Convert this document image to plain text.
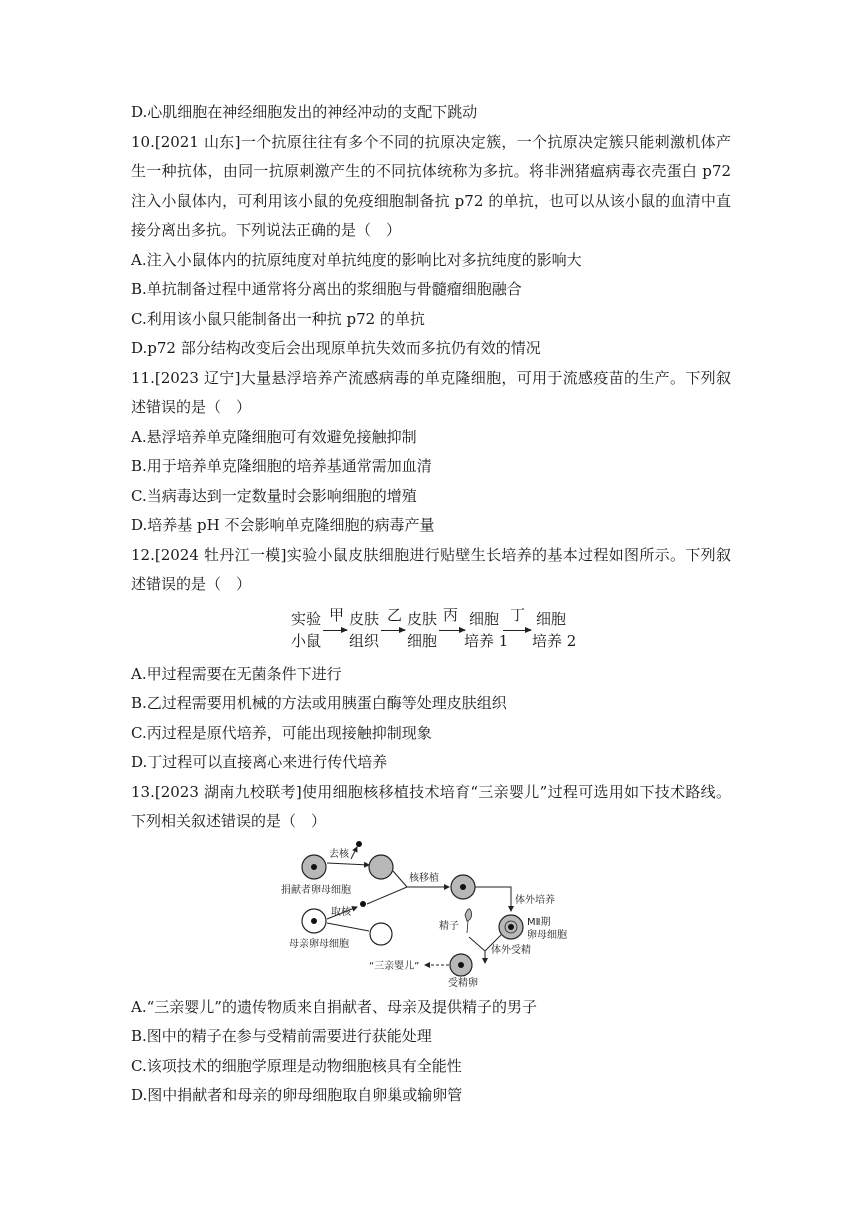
D.心肌细胞在神经细胞发出的神经冲动的支配下跳动
10.[2021 山东]一个抗原往往有多个不同的抗原决定簇，一个抗原决定簇只能刺激机体产生一种抗体，由同一抗原刺激产生的不同抗体统称为多抗。将非洲猪瘟病毒衣壳蛋白 p72 注入小鼠体内，可利用该小鼠的免疫细胞制备抗 p72 的单抗，也可以从该小鼠的血清中直接分离出多抗。下列说法正确的是（　）
A.注入小鼠体内的抗原纯度对单抗纯度的影响比对多抗纯度的影响大
B.单抗制备过程中通常将分离出的浆细胞与骨髓瘤细胞融合
C.利用该小鼠只能制备出一种抗 p72 的单抗
D.p72 部分结构改变后会出现原单抗失效而多抗仍有效的情况
11.[2023 辽宁]大量悬浮培养产流感病毒的单克隆细胞，可用于流感疫苗的生产。下列叙述错误的是（　）
A.悬浮培养单克隆细胞可有效避免接触抑制
B.用于培养单克隆细胞的培养基通常需加血清
C.当病毒达到一定数量时会影响细胞的增殖
D.培养基 pH 不会影响单克隆细胞的病毒产量
12.[2024 牡丹江一模]实验小鼠皮肤细胞进行贴壁生长培养的基本过程如图所示。下列叙述错误的是（　）
实验
小鼠
甲 皮肤
组织
乙 皮肤
细胞
丙 细胞
培养 1
丁 细胞
培养 2
A.甲过程需要在无菌条件下进行
B.乙过程需要用机械的方法或用胰蛋白酶等处理皮肤组织
C.丙过程是原代培养，可能出现接触抑制现象
D.丁过程可以直接离心来进行传代培养
13.[2023 湖南九校联考]使用细胞核移植技术培育“三亲婴儿”过程可选用如下技术路线。下列相关叙述错误的是（　）
捐献者卵母细胞
去核
母亲卵母细胞
取核
核移植
体外培养
MⅡ期
卵母细胞
精子
体外受精
受精卵
“三亲婴儿”
A.“三亲婴儿”的遗传物质来自捐献者、母亲及提供精子的男子
B.图中的精子在参与受精前需要进行获能处理
C.该项技术的细胞学原理是动物细胞核具有全能性
D.图中捐献者和母亲的卵母细胞取自卵巢或输卵管
